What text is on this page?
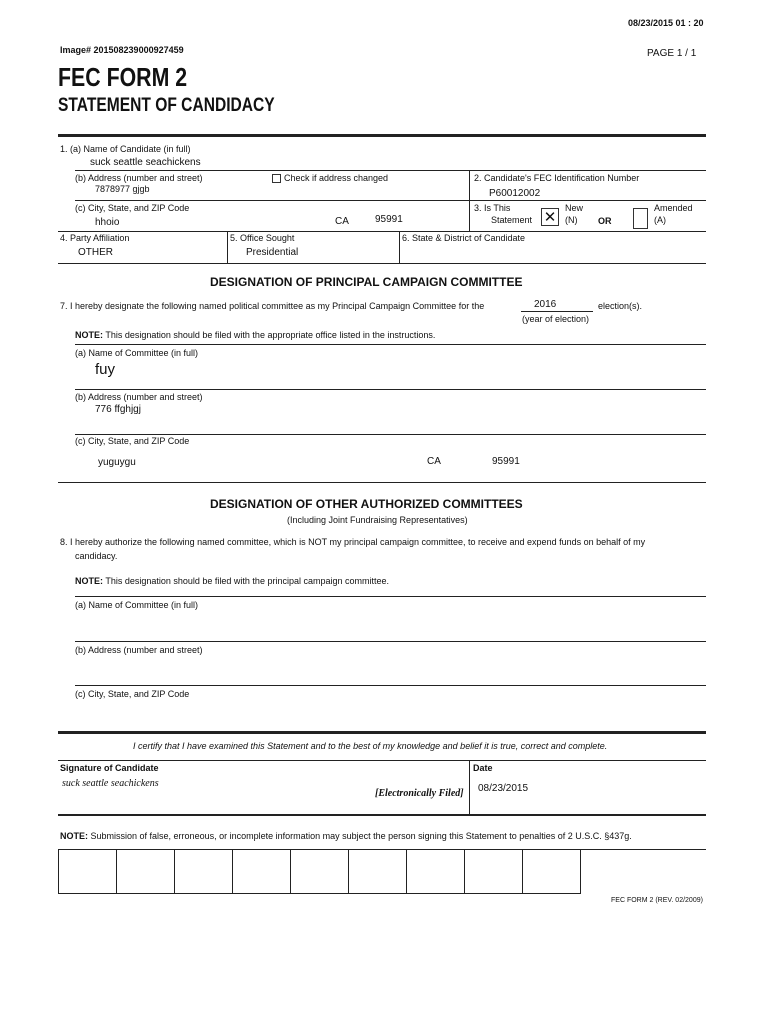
08/23/2015 01 : 20
Image# 201508239000927459	PAGE 1 / 1
FEC FORM 2
STATEMENT OF CANDIDACY
1. (a) Name of Candidate (in full)
suck seattle seachickens
(b) Address (number and street)
7878977 gjgb
Check if address changed	2. Candidate's FEC Identification Number
P60012002
(c) City, State, and ZIP Code
hhoio	CA	95991
3. Is This
Statement ✕ New
(N) OR
Amended
(A)
4. Party Affiliation
OTHER
5. Office Sought
Presidential
6. State & District of Candidate
DESIGNATION OF PRINCIPAL CAMPAIGN COMMITTEE
7. I hereby designate the following named political committee as my Principal Campaign Committee for the	2016	election(s).
(year of election)
NOTE: This designation should be filed with the appropriate office listed in the instructions.
(a) Name of Committee (in full)
fuy
(b) Address (number and street)
776 ffghjgj
(c) City, State, and ZIP Code
yuguygu	CA	95991
DESIGNATION OF OTHER AUTHORIZED COMMITTEES
(Including Joint Fundraising Representatives)
8. I hereby authorize the following named committee, which is NOT my principal campaign committee, to receive and expend funds on behalf of my
candidacy.
NOTE: This designation should be filed with the principal campaign committee.
(a) Name of Committee (in full)
(b) Address (number and street)
(c) City, State, and ZIP Code
I certify that I have examined this Statement and to the best of my knowledge and belief it is true, correct and complete.
Signature of Candidate
suck seattle seachickens
[Electronically Filed]
Date
08/23/2015
NOTE: Submission of false, erroneous, or incomplete information may subject the person signing this Statement to penalties of 2 U.S.C. §437g.
FEC FORM 2 (REV. 02/2009)
